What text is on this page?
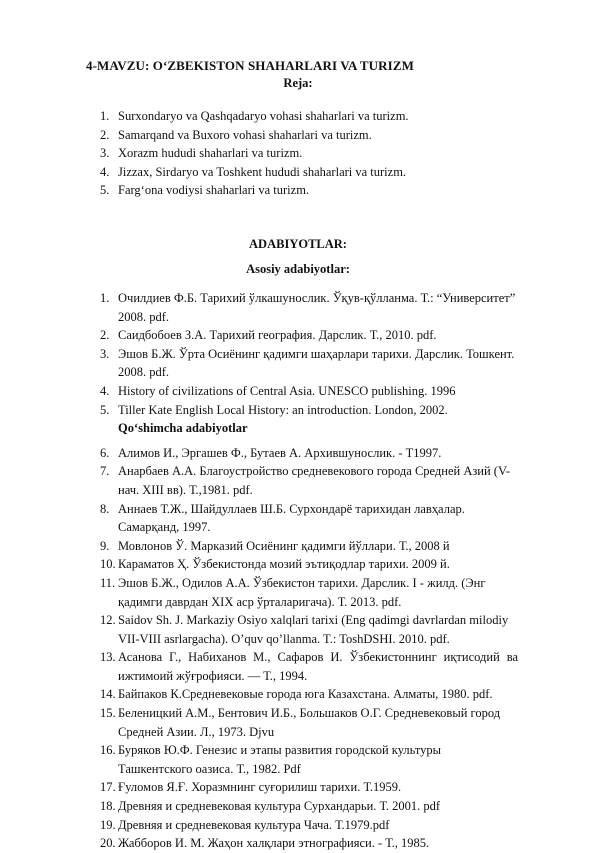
4-MAVZU: O‘ZBEKISTON SHAHARLARI VA TURIZM
Reja:
1. Surxondaryo va Qashqadaryo vohasi shaharlari va turizm.
2. Samarqand va Buxoro vohasi shaharlari va turizm.
3. Xorazm hududi shaharlari va turizm.
4. Jizzax, Sirdaryo va Toshkent hududi shaharlari va turizm.
5. Farg‘ona vodiysi shaharlari va turizm.
ADABIYOTLAR:
Asosiy adabiyotlar:
1. Очилдиев Ф.Б. Тарихий ўлкашунослик. Ўқув-қўлланма. Т.: “Университет” 2008. pdf.
2. Саидбобоев З.А. Тарихий география. Дарслик. Т., 2010. pdf.
3. Эшов Б.Ж. Ўрта Осиёнинг қадимги шаҳарлари тарихи. Дарслик. Тошкент. 2008. pdf.
4. History of civilizations of Central Asia. UNESCO publishing. 1996
5. Tiller Kate English Local History: an introduction. London, 2002.
Qo‘shimcha adabiyotlar
6. Алимов И., Эргашев Ф., Бутаев А. Архившунослик. - Т1997.
7. Анарбаев А.А. Благоустройство средневекового города Средней Азий (V- нач. XIII вв). Т.,1981. pdf.
8. Аннаев Т.Ж., Шайдуллаев Ш.Б. Сурхондарё тарихидан лавҳалар. Самарқанд, 1997.
9. Мовлонов Ў. Марказий Осиёнинг қадимги йўллари. Т., 2008 й
10. Караматов Ҳ. Ўзбекистонда мозий эътиқодлар тарихи. 2009 й.
11. Эшов Б.Ж., Одилов А.А. Ўзбекистон тарихи. Дарслик. I - жилд. (Энг қадимги даврдан XIX аср ўрталаригача). Т. 2013. pdf.
12. Saidov Sh. J. Markaziy Osiyo xalqlari tarixi (Eng qadimgi davrlardan milodiy VII-VIII asrlargacha). O’quv qo’llanma. T.: ToshDSHI. 2010. pdf.
13. Асанова Г., Набиханов М., Сафаров И. Ўзбекистоннинг иқтисодий ва ижтимоий жўғрофияси. — Т., 1994.
14. Байпаков К.Средневековые города юга Казахстана. Алматы, 1980. pdf.
15. Беленицкий А.М., Бентович И.Б., Большаков О.Г. Средневековый город Средней Азии. Л., 1973. Djvu
16. Буряков Ю.Ф. Генезис и этапы развития городской культуры Ташкентского оазиса. Т., 1982. Pdf
17. Ғуломов Я.Ғ. Хоразмнинг суғорилиш тарихи. Т.1959.
18. Древняя и средневековая культура Сурхандарьи. Т. 2001. pdf
19. Древняя и средневековая культура Чача. Т.1979.pdf
20. Жабборов И. М. Жаҳон халқлари этнографияси. - Т., 1985.
